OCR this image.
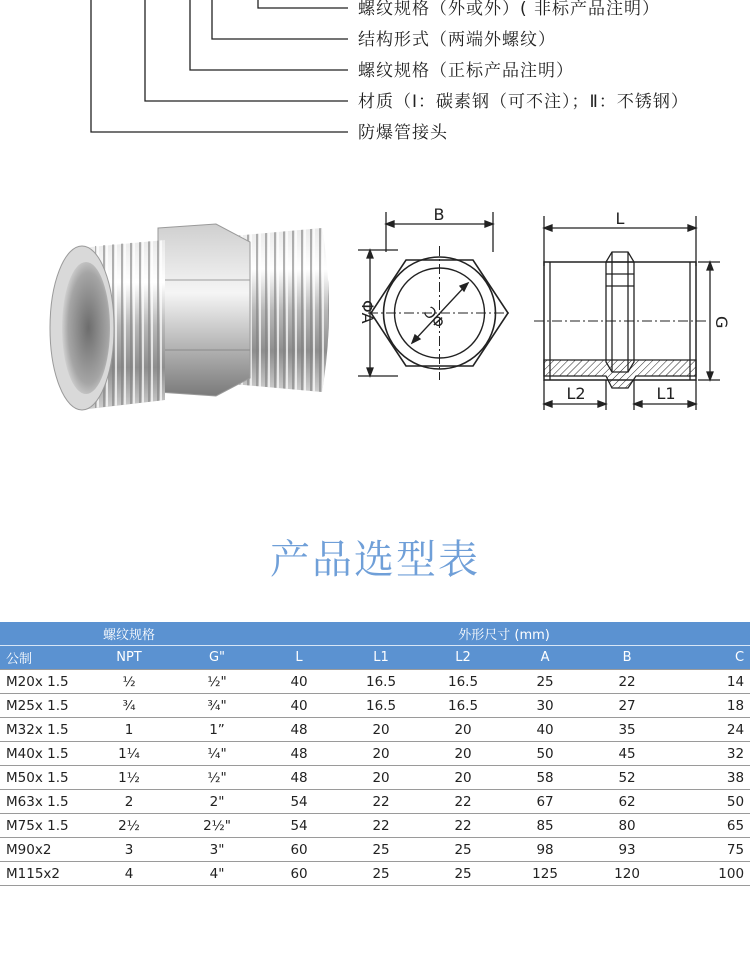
螺纹规格（外或外）( 非标产品注明）
结构形式（两端外螺纹）
螺纹规格（正标产品注明）
材质（Ⅰ：碳素钢（可不注）；Ⅱ：不锈钢）
防爆管接头
B
ΦA	ΦC
L
G
L2	L1
产品选型表
螺纹规格			外形尺寸 (mm)					
公制	NPT	G"	L	L1	L2	A	B	C
M20x 1.5	½	½"	40	16.5	16.5	25	22	14
M25x 1.5	¾	¾"	40	16.5	16.5	30	27	18
M32x 1.5	1	1”	48	20	20	40	35	24
M40x 1.5	1¼	¼"	48	20	20	50	45	32
M50x 1.5	1½	½"	48	20	20	58	52	38
M63x 1.5	2	2"	54	22	22	67	62	50
M75x 1.5	2½	2½"	54	22	22	85	80	65
M90x2	3	3"	60	25	25	98	93	75
M115x2	4	4"	60	25	25	125	120	100
